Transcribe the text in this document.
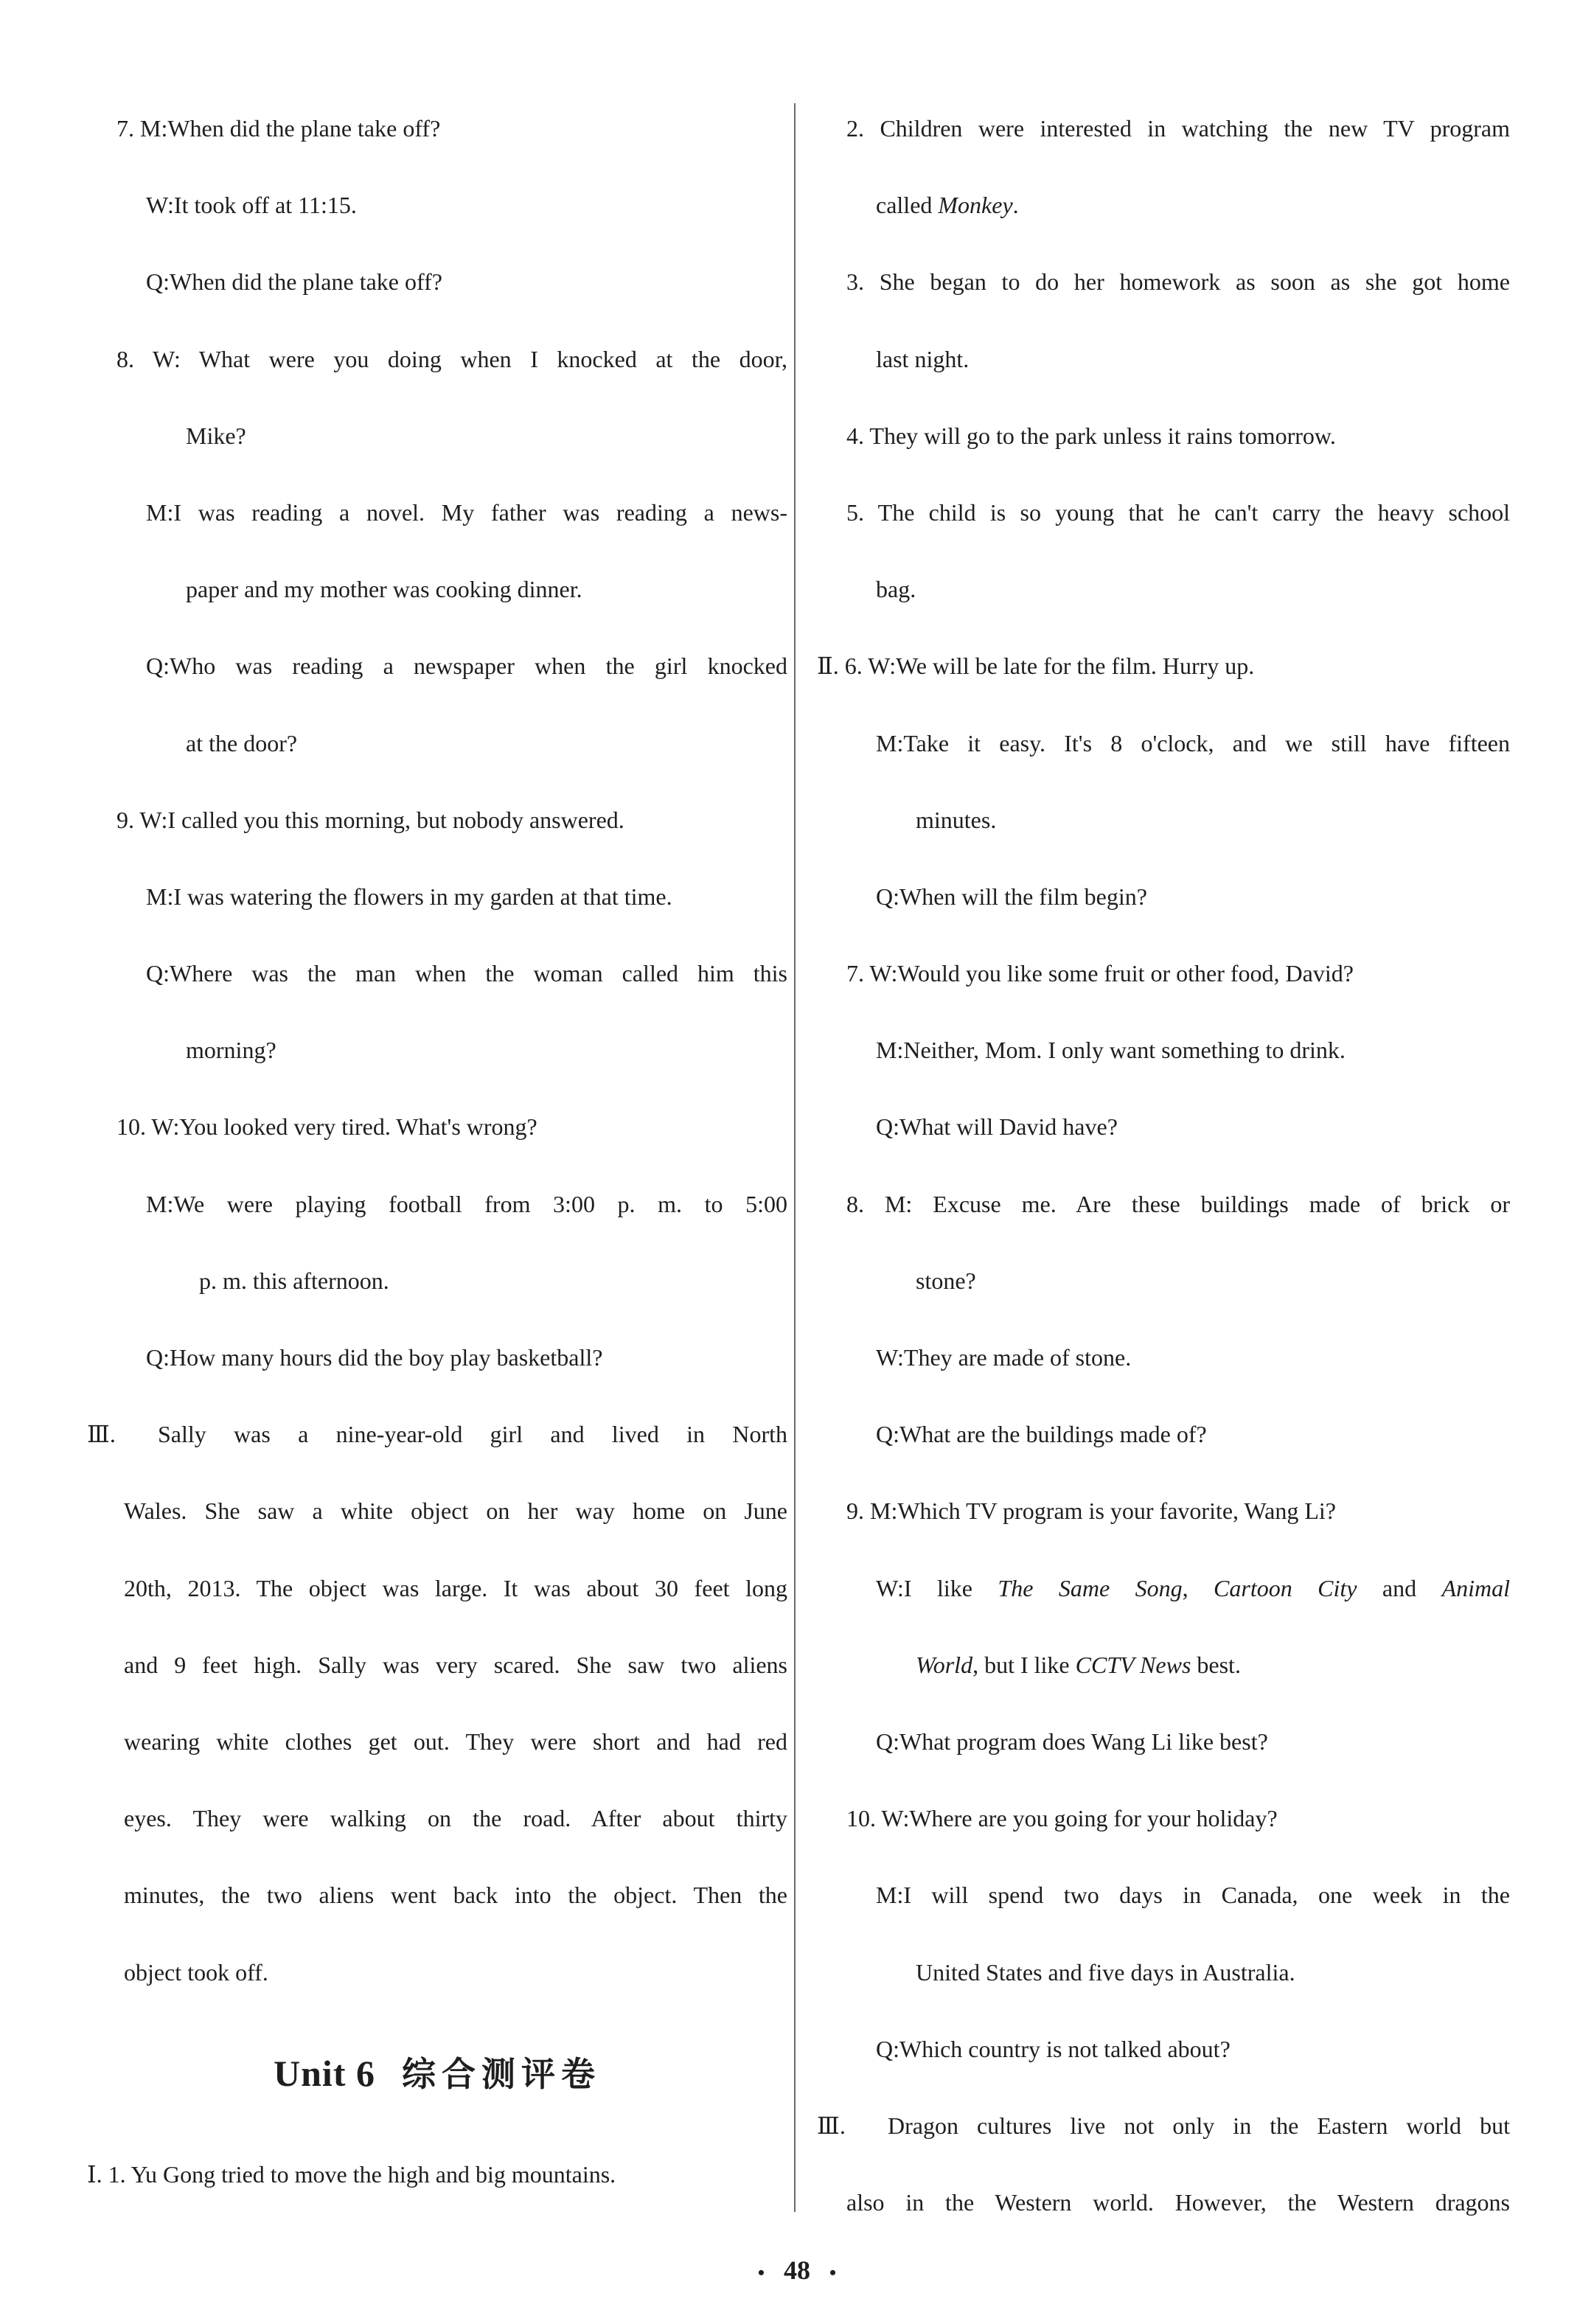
7. M:When did the plane take off?
W:It took off at 11:15.
Q:When did the plane take off?
8. W: What were you doing when I knocked at the door,
Mike?
M:I was reading a novel. My father was reading a news-
paper and my mother was cooking dinner.
Q:Who was reading a newspaper when the girl knocked
at the door?
9. W:I called you this morning, but nobody answered.
M:I was watering the flowers in my garden at that time.
Q:Where was the man when the woman called him this
morning?
10. W:You looked very tired. What's wrong?
M:We were playing football from 3:00 p. m. to 5:00
p. m. this afternoon.
Q:How many hours did the boy play basketball?
Ⅲ. Sally was a nine-year-old girl and lived in North
Wales. She saw a white object on her way home on June
20th, 2013. The object was large. It was about 30 feet long
and 9 feet high. Sally was very scared. She saw two aliens
wearing white clothes get out. They were short and had red
eyes. They were walking on the road. After about thirty
minutes, the two aliens went back into the object. Then the
object took off.
Unit 6 综合测评卷
Ⅰ. 1. Yu Gong tried to move the high and big mountains.
2. Children were interested in watching the new TV program
called Monkey.
3. She began to do her homework as soon as she got home
last night.
4. They will go to the park unless it rains tomorrow.
5. The child is so young that he can't carry the heavy school
bag.
Ⅱ. 6. W:We will be late for the film. Hurry up.
M:Take it easy. It's 8 o'clock, and we still have fifteen
minutes.
Q:When will the film begin?
7. W:Would you like some fruit or other food, David?
M:Neither, Mom. I only want something to drink.
Q:What will David have?
8. M: Excuse me. Are these buildings made of brick or
stone?
W:They are made of stone.
Q:What are the buildings made of?
9. M:Which TV program is your favorite, Wang Li?
W:I like The Same Song, Cartoon City and Animal
World, but I like CCTV News best.
Q:What program does Wang Li like best?
10. W:Where are you going for your holiday?
M:I will spend two days in Canada, one week in the
United States and five days in Australia.
Q:Which country is not talked about?
Ⅲ. Dragon cultures live not only in the Eastern world but
also in the Western world. However, the Western dragons
• 48 •
